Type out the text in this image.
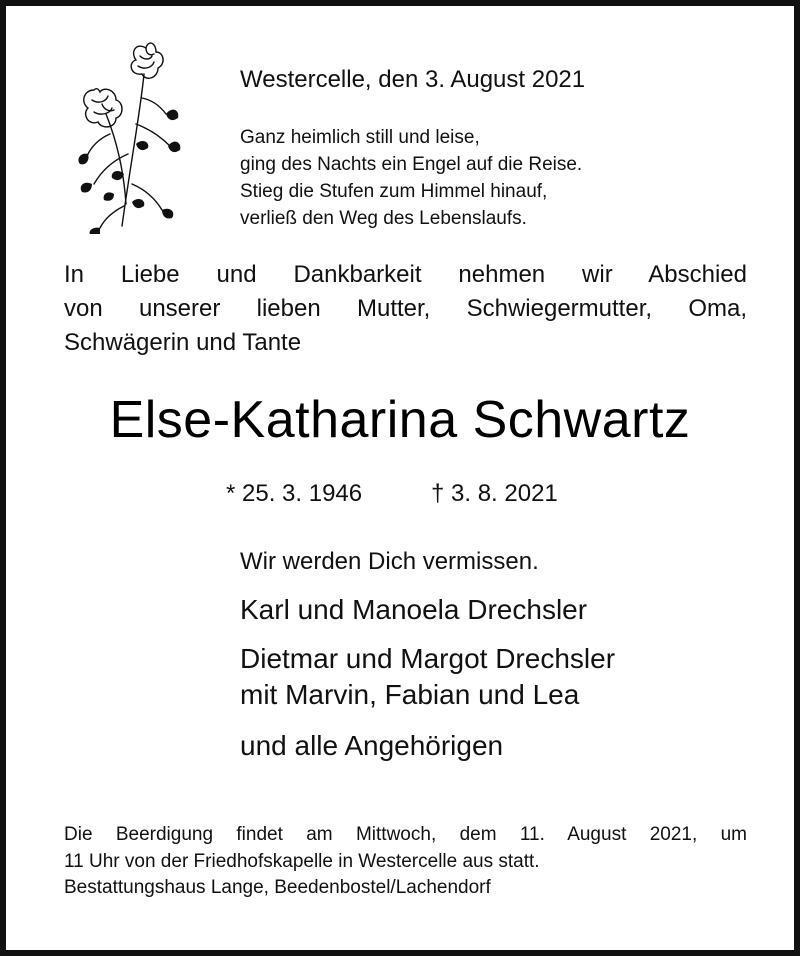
Westercelle, den 3. August 2021
Ganz heimlich still und leise,
ging des Nachts ein Engel auf die Reise.
Stieg die Stufen zum Himmel hinauf,
verließ den Weg des Lebenslaufs.
In Liebe und Dankbarkeit nehmen wir Abschied
von unserer lieben Mutter, Schwiegermutter, Oma,
Schwägerin und Tante
Else-Katharina Schwartz
* 25. 3. 1946	† 3. 8. 2021
Wir werden Dich vermissen.
Karl und Manoela Drechsler
Dietmar und Margot Drechsler
mit Marvin, Fabian und Lea
und alle Angehörigen
Die Beerdigung findet am Mittwoch, dem 11. August 2021, um
11 Uhr von der Friedhofskapelle in Westercelle aus statt.
Bestattungshaus Lange, Beedenbostel/Lachendorf
